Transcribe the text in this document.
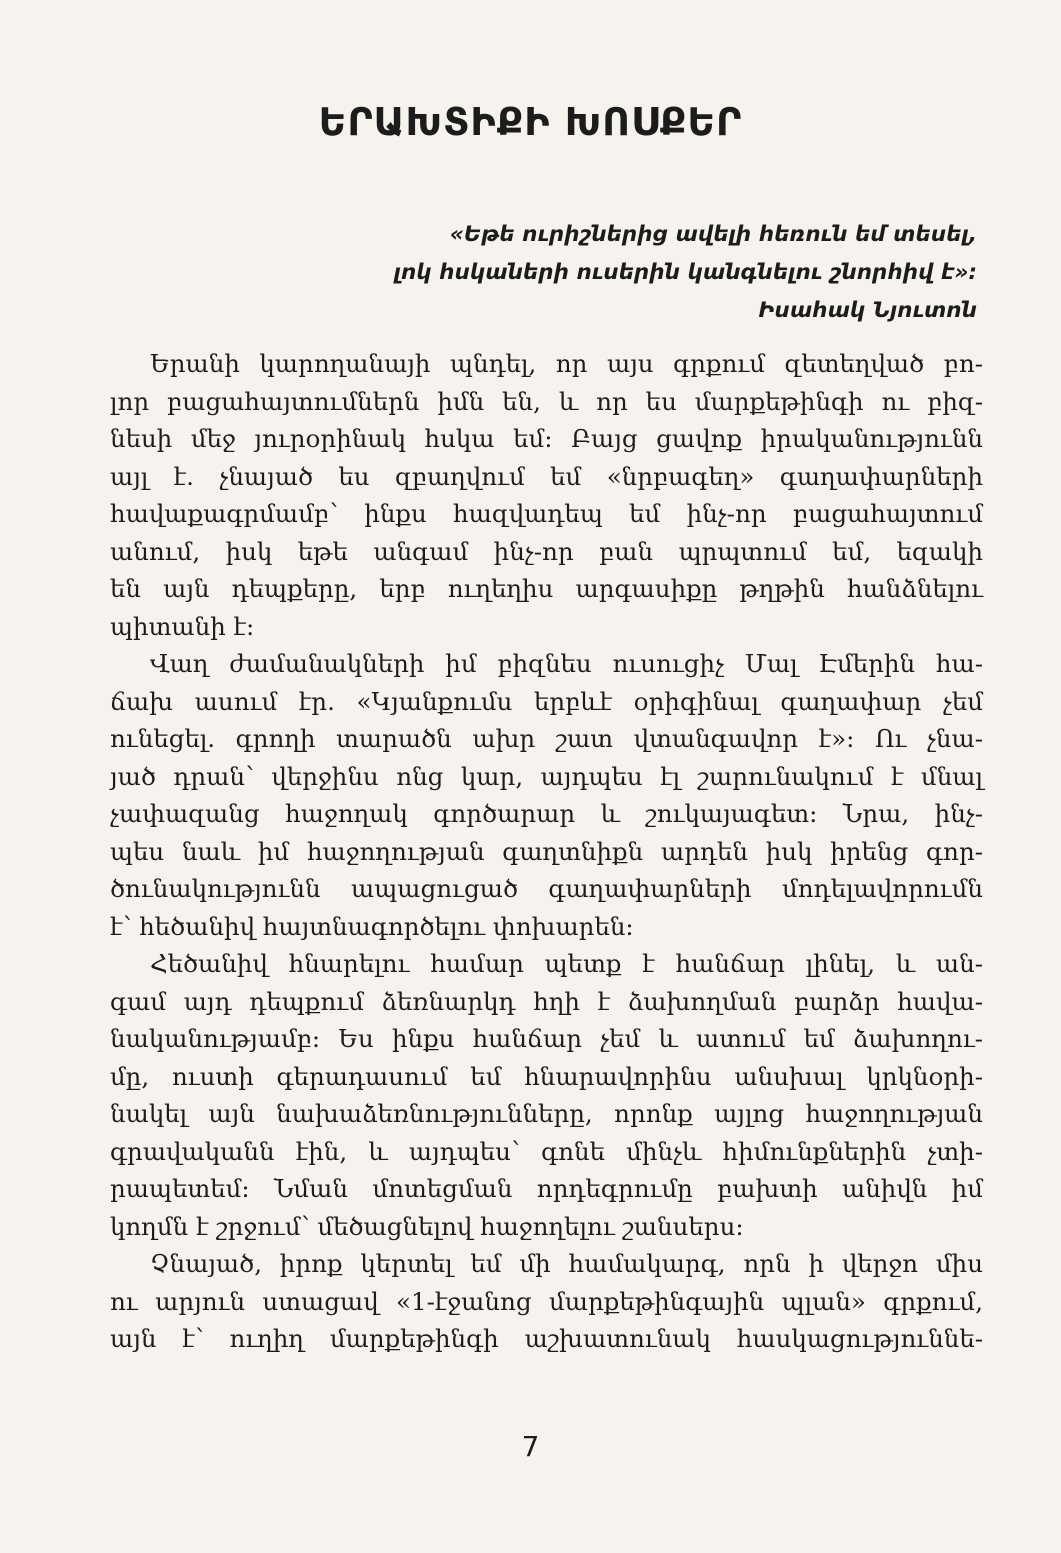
ԵՐԱԽՏԻՔԻ ԽՈՍՔԵՐ
«Եթե ուրիշներից ավելի հեռուն եմ տեսել,
լոկ հսկաների ուսերին կանգնելու շնորհիվ է»:
Իսահակ Նյուտոն
Երանի կարողանայի պնդել, որ այս գրքում զետեղված բո-
լոր բացահայտումներն իմն են, և որ ես մարքեթինգի ու բիզ-
նեսի մեջ յուրօրինակ հսկա եմ: Բայց ցավոք իրականությունն
այլ է. չնայած ես զբաղվում եմ «նրբագեղ» գաղափարների
հավաքագրմամբ՝ ինքս հազվադեպ եմ ինչ-որ բացահայտում
անում, իսկ եթե անգամ ինչ-որ բան պրպտում եմ, եզակի
են այն դեպքերը, երբ ուղեղիս արգասիքը թղթին հանձնելու
պիտանի է:
Վաղ ժամանակների իմ բիզնես ուսուցիչ Մալ Էմերին հա-
ճախ ասում էր. «Կյանքումս երբևէ օրիգինալ գաղափար չեմ
ունեցել. գրողի տարածն ախր շատ վտանգավոր է»: Ու չնա-
յած դրան՝ վերջինս ոնց կար, այդպես էլ շարունակում է մնալ
չափազանց հաջողակ գործարար և շուկայագետ: Նրա, ինչ-
պես նաև իմ հաջողության գաղտնիքն արդեն իսկ իրենց գոր-
ծունակությունն ապացուցած գաղափարների մոդելավորումն
է՝ հեծանիվ հայտնագործելու փոխարեն:
Հեծանիվ հնարելու համար պետք է հանճար լինել, և ան-
գամ այդ դեպքում ձեռնարկդ հղի է ձախողման բարձր հավա-
նականությամբ: Ես ինքս հանճար չեմ և ատում եմ ձախողու-
մը, ուստի գերադասում եմ հնարավորինս անսխալ կրկնօրի-
նակել այն նախաձեռնությունները, որոնք այլոց հաջողության
գրավականն էին, և այդպես՝ գոնե մինչև հիմունքներին չտի-
րապետեմ: Նման մոտեցման որդեգրումը բախտի անիվն իմ
կողմն է շրջում՝ մեծացնելով հաջողելու շանսերս:
Չնայած, իրոք կերտել եմ մի համակարգ, որն ի վերջո միս
ու արյուն ստացավ «1-էջանոց մարքեթինգային պլան» գրքում,
այն է՝ ուղիղ մարքեթինգի աշխատունակ հասկացություննե-
7
